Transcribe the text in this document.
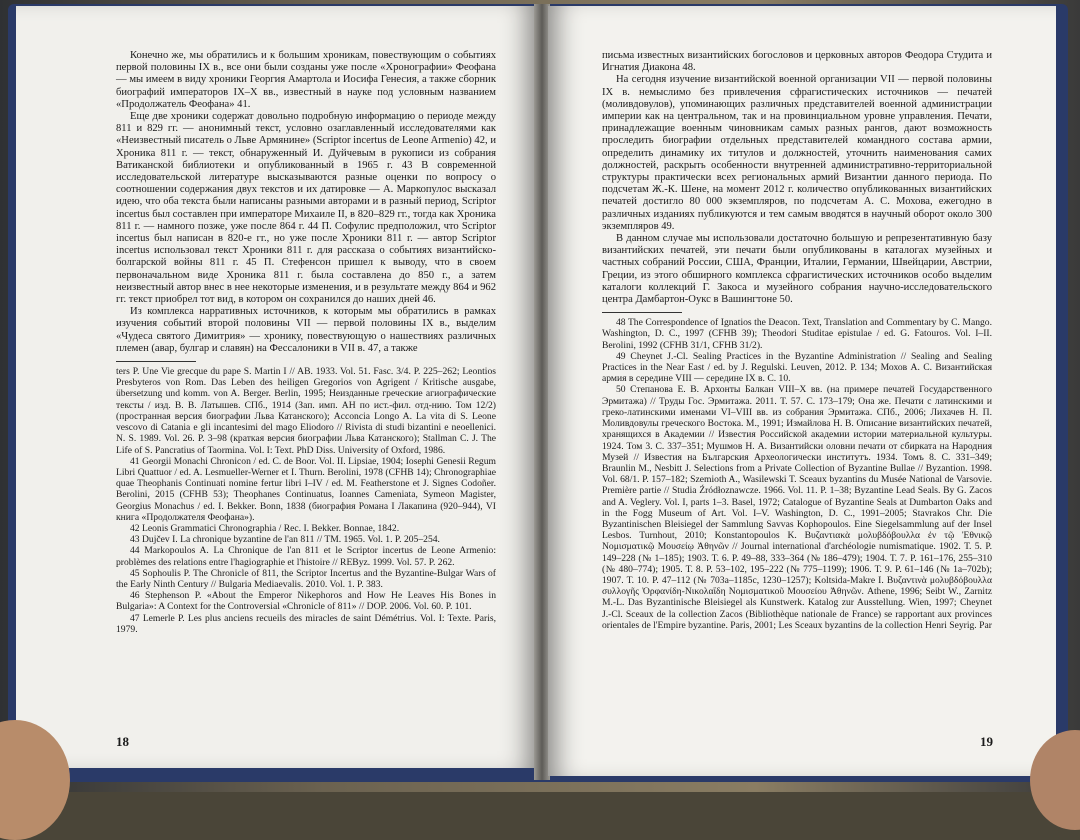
Конечно же, мы обратились и к большим хроникам, повествующим о событиях первой половины IX в., все они были созданы уже после «Хронографии» Феофана — мы имеем в виду хроники Георгия Амартола и Иосифа Генесия, а также сборник биографий императоров IX–X вв., известный в науке под условным названием «Продолжатель Феофана» 41.

Еще две хроники содержат довольно подробную информацию о периоде между 811 и 829 гг. — анонимный текст, условно озаглавленный исследователями как «Неизвестный писатель о Льве Армянине» (Scriptor incertus de Leone Armenio) 42, и Хроника 811 г. — текст, обнаруженный И. Дуйчевым в рукописи из собрания Ватиканской библиотеки и опубликованный в 1965 г. 43 В современной исследовательской литературе высказываются разные оценки по вопросу о соотношении содержания двух текстов и их датировке — А. Маркопулос высказал идею, что оба текста были написаны разными авторами и в разный период, Scriptor incertus был составлен при императоре Михаиле II, в 820–829 гг., тогда как Хроника 811 г. — намного позже, уже после 864 г. 44 П. Софулис предположил, что Scriptor incertus был написан в 820-е гг., но уже после Хроники 811 г. — автор Scriptor incertus использовал текст Хроники 811 г. для рассказа о событиях византийско-болгарской войны 811 г. 45 П. Стефенсон пришел к выводу, что в своем первоначальном виде Хроника 811 г. была составлена до 850 г., а затем неизвестный автор внес в нее некоторые изменения, и в результате между 864 и 962 гг. текст приобрел тот вид, в котором он сохранился до наших дней 46.

Из комплекса нарративных источников, к которым мы обратились в рамках изучения событий второй половины VII — первой половины IX в., выделим «Чудеса святого Димитрия» — хронику, повествующую о нашествиях различных племен (авар, булгар и славян) на Фессалоники в VII в. 47, а также

ters P. Une Vie grecque du pape S. Martin I // AB. 1933. Vol. 51. Fasc. 3/4. P. 225–262; Leontios Presbyteros von Rom. Das Leben des heiligen Gregorios von Agrigent / Kritische ausgabe, übersetzung und komm. von A. Berger. Berlin, 1995; Неизданные греческие агиографические тексты / изд. В. В. Латышев. СПб., 1914 (Зап. имп. АН по ист.-фил. отд-нию. Том 12/2) (пространная версия биографии Льва Катанского); Acconcia Longo A. La vita di S. Leone vescovo di Catania e gli incantesimi del mago Eliodoro // Rivista di studi bizantini e neoellenici. N. S. 1989. Vol. 26. P. 3–98 (краткая версия биографии Льва Катанского); Stallman C. J. The Life of S. Pancratius of Taormina. Vol. I: Text. PhD Diss. University of Oxford, 1986.

41 Georgii Monachi Chronicon / ed. C. de Boor. Vol. II. Lipsiae, 1904; Iosephi Genesii Regum Libri Quattuor / ed. A. Lesmueller-Werner et I. Thurn. Berolini, 1978 (CFHB 14); Chronographiae quae Theophanis Continuati nomine fertur libri I–IV / ed. M. Featherstone et J. Signes Codoñer. Berolini, 2015 (CFHB 53); Theophanes Continuatus, Ioannes Cameniata, Symeon Magister, Georgius Monachus / ed. I. Bekker. Bonn, 1838 (биография Романа I Лакапина (920–944), VI книга «Продолжателя Феофана»).

42 Leonis Grammatici Chronographia / Rec. I. Bekker. Bonnae, 1842.

43 Dujčev I. La chronique byzantine de l'an 811 // TM. 1965. Vol. 1. P. 205–254.

44 Markopoulos A. La Chronique de l'an 811 et le Scriptor incertus de Leone Armenio: problèmes des relations entre l'hagiographie et l'histoire // REByz. 1999. Vol. 57. P. 262.

45 Sophoulis P. The Chronicle of 811, the Scriptor Incertus and the Byzantine-Bulgar Wars of the Early Ninth Century // Bulgaria Mediaevalis. 2010. Vol. 1. P. 383.

46 Stephenson P. «About the Emperor Nikephoros and How He Leaves His Bones in Bulgaria»: A Context for the Controversial «Chronicle of 811» // DOP. 2006. Vol. 60. P. 101.

47 Lemerle P. Les plus anciens recueils des miracles de saint Démétrius. Vol. I: Texte. Paris, 1979.

18

письма известных византийских богословов и церковных авторов Феодора Студита и Игнатия Диакона 48.

На сегодня изучение византийской военной организации VII — первой половины IX в. немыслимо без привлечения сфрагистических источников — печатей (моливдовулов), упоминающих различных представителей военной администрации империи как на центральном, так и на провинциальном уровне управления. Печати, принадлежащие военным чиновникам самых разных рангов, дают возможность проследить биографии отдельных представителей командного состава армии, определить динамику их титулов и должностей, уточнить наименования самих должностей, раскрыть особенности внутренней административно-территориальной структуры практически всех региональных армий Византии данного периода. По подсчетам Ж.-К. Шене, на момент 2012 г. количество опубликованных византийских печатей достигло 80 000 экземпляров, по подсчетам А. С. Мохова, ежегодно в различных изданиях публикуются и тем самым вводятся в научный оборот около 300 экземпляров 49.

В данном случае мы использовали достаточно большую и репрезентативную базу византийских печатей, эти печати были опубликованы в каталогах музейных и частных собраний России, США, Франции, Италии, Германии, Швейцарии, Австрии, Греции, из этого обширного комплекса сфрагистических источников особо выделим каталоги коллекций Г. Закоса и музейного собрания научно-исследовательского центра Дамбартон-Оукс в Вашингтоне 50.

48 The Correspondence of Ignatios the Deacon. Text, Translation and Commentary by C. Mango. Washington, D. C., 1997 (CFHB 39); Theodori Studitae epistulae / ed. G. Fatouros. Vol. I–II. Berolini, 1992 (CFHB 31/1, CFHB 31/2).

49 Cheynet J.-Cl. Sealing Practices in the Byzantine Administration // Sealing and Sealing Practices in the Near East / ed. by J. Regulski. Leuven, 2012. P. 134; Мохов А. С. Византийская армия в середине VIII — середине IX в. С. 10.

50 Степанова Е. В. Архонты Балкан VIII–X вв. (на примере печатей Государственного Эрмитажа) // Труды Гос. Эрмитажа. 2011. Т. 57. С. 173–179; Она же. Печати с латинскими и греко-латинскими именами VI–VIII вв. из собрания Эрмитажа. СПб., 2006; Лихачев Н. П. Моливдовулы греческого Востока. М., 1991; Измайлова Н. В. Описание византийских печатей, хранящихся в Академии // Известия Российской академии истории материальной культуры. 1924. Том 3. С. 337–351; Мушмов Н. А. Византийски оловни печати от сбирката на Народния Музей // Известия на Българския Археологически институтъ. 1934. Томъ 8. С. 331–349; Braunlin M., Nesbitt J. Selections from a Private Collection of Byzantine Bullae // Byzantion. 1998. Vol. 68/1. P. 157–182; Szemioth A., Wasilewski T. Sceaux byzantins du Musée National de Varsovie. Première partie // Studia Źródłoznawcze. 1966. Vol. 11. P. 1–38; Byzantine Lead Seals. By G. Zacos and A. Veglery. Vol. I, parts 1–3. Basel, 1972; Catalogue of Byzantine Seals at Dumbarton Oaks and in the Fogg Museum of Art. Vol. I–V. Washington, D. C., 1991–2005; Stavrakos Chr. Die Byzantinischen Bleisiegel der Sammlung Savvas Kophopoulos. Eine Siegelsammlung auf der Insel Lesbos. Turnhout, 2010; Konstantopoulos K. Βυζαντιακὰ μολυβδόβουλλα ἐν τῷ Ἐθνικῷ Νομισματικῷ Μουσείῳ Ἀθηνῶν // Journal international d'archéologie numismatique. 1902. Т. 5. P. 149–228 (№ 1–185); 1903. Т. 6. P. 49–88, 333–364 (№ 186–479); 1904. Т. 7. P. 161–176, 255–310 (№ 480–774); 1905. Т. 8. P. 53–102, 195–222 (№ 775–1199); 1906. Т. 9. P. 61–146 (№ 1a–702b); 1907. Т. 10. P. 47–112 (№ 703a–1185c, 1230–1257); Koltsida-Makre I. Βυζαντινὰ μολυβδόβουλλα συλλογῆς Ὀρφανίδη-Νικολαΐδη Νομισματικοῦ Μουσείου Ἀθηνῶν. Athene, 1996; Seibt W., Zarnitz M.-L. Das Byzantinische Bleisiegel als Kunstwerk. Katalog zur Ausstellung. Wien, 1997; Cheynet J.-Cl. Sceaux de la collection Zacos (Bibliothèque nationale de France) se rapportant aux provinces orientales de l'Empire byzantine. Paris, 2001; Les Sceaux byzantins de la collection Henri Seyrig. Par

19
